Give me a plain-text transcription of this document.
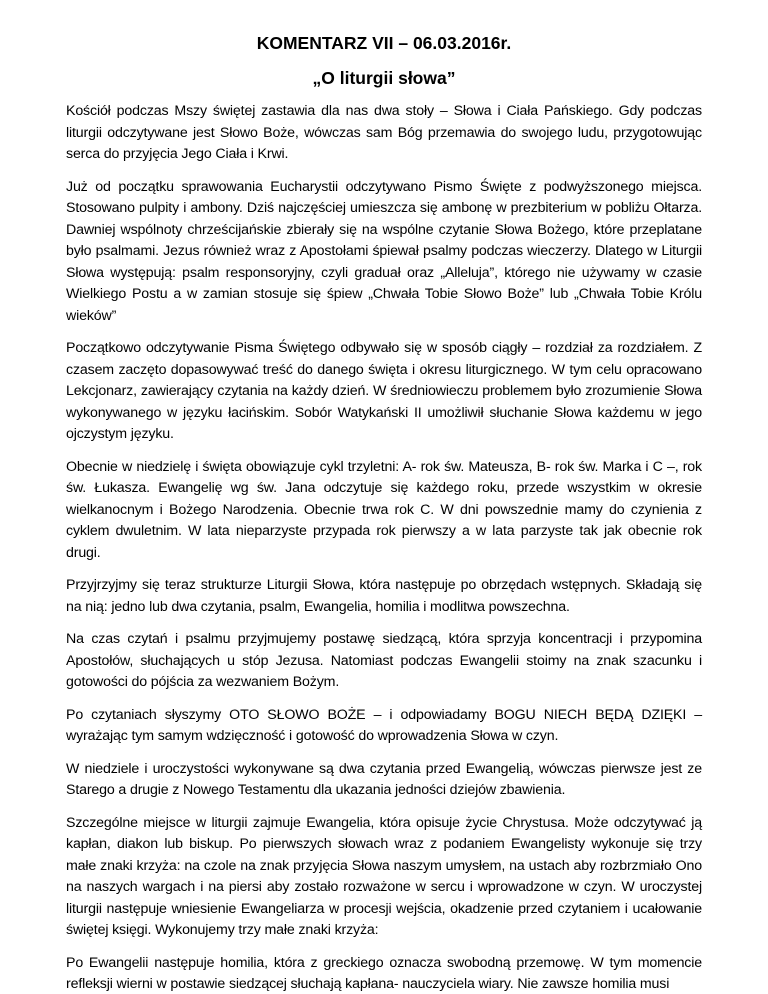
KOMENTARZ VII – 06.03.2016r.
„O liturgii słowa”

Kościół podczas Mszy świętej zastawia dla nas dwa stoły – Słowa i Ciała Pańskiego. Gdy podczas liturgii odczytywane jest Słowo Boże, wówczas sam Bóg przemawia do swojego ludu, przygotowując serca do przyjęcia Jego Ciała i Krwi.

Już od początku sprawowania Eucharystii odczytywano Pismo Święte z podwyższonego miejsca. Stosowano pulpity i ambony. Dziś najczęściej umieszcza się ambonę w prezbiterium w pobliżu Ołtarza. Dawniej wspólnoty chrześcijańskie zbierały się na wspólne czytanie Słowa Bożego, które przeplatane było psalmami. Jezus również wraz z Apostołami śpiewał psalmy podczas wieczerzy. Dlatego w Liturgii Słowa występują: psalm responsoryjny, czyli graduał oraz „Alleluja”, którego nie używamy w czasie Wielkiego Postu a w zamian stosuje się śpiew „Chwała Tobie Słowo Boże” lub „Chwała Tobie Królu wieków”

Początkowo odczytywanie Pisma Świętego odbywało się w sposób ciągły – rozdział za rozdziałem. Z czasem zaczęto dopasowywać treść do danego święta i okresu liturgicznego. W tym celu opracowano Lekcjonarz, zawierający czytania na każdy dzień. W średniowieczu problemem było zrozumienie Słowa wykonywanego w języku łacińskim. Sobór Watykański II umożliwił słuchanie Słowa każdemu w jego ojczystym języku.

Obecnie w niedzielę i święta obowiązuje cykl trzyletni: A- rok św. Mateusza, B- rok św. Marka i C –, rok św. Łukasza. Ewangelię wg św. Jana odczytuje się każdego roku, przede wszystkim w okresie wielkanocnym i Bożego Narodzenia. Obecnie trwa rok C. W dni powszednie mamy do czynienia z cyklem dwuletnim. W lata nieparzyste przypada rok pierwszy a w lata parzyste tak jak obecnie rok drugi.

Przyjrzyjmy się teraz strukturze Liturgii Słowa, która następuje po obrzędach wstępnych. Składają się na nią: jedno lub dwa czytania, psalm, Ewangelia, homilia i modlitwa powszechna.

Na czas czytań i psalmu przyjmujemy postawę siedzącą, która sprzyja koncentracji i przypomina Apostołów, słuchających u stóp Jezusa. Natomiast podczas Ewangelii stoimy na znak szacunku i gotowości do pójścia za wezwaniem Bożym.

Po czytaniach słyszymy OTO SŁOWO BOŻE – i odpowiadamy BOGU NIECH BĘDĄ DZIĘKI – wyrażając tym samym wdzięczność i gotowość do wprowadzenia Słowa w czyn.

W niedziele i uroczystości wykonywane są dwa czytania przed Ewangelią, wówczas pierwsze jest ze Starego a drugie z Nowego Testamentu dla ukazania jedności dziejów zbawienia.

Szczególne miejsce w liturgii zajmuje Ewangelia, która opisuje życie Chrystusa. Może odczytywać ją kapłan, diakon lub biskup. Po pierwszych słowach wraz z podaniem Ewangelisty wykonuje się trzy małe znaki krzyża: na czole na znak przyjęcia Słowa naszym umysłem, na ustach aby rozbrzmiało Ono na naszych wargach i na piersi aby zostało rozważone w sercu i wprowadzone w czyn. W uroczystej liturgii następuje wniesienie Ewangeliarza w procesji wejścia, okadzenie przed czytaniem i ucałowanie świętej księgi. Wykonujemy trzy małe znaki krzyża:

Po Ewangelii następuje homilia, która z greckiego oznacza swobodną przemowę. W tym momencie refleksji wierni w postawie siedzącej słuchają kapłana- nauczyciela wiary. Nie zawsze homilia musi
